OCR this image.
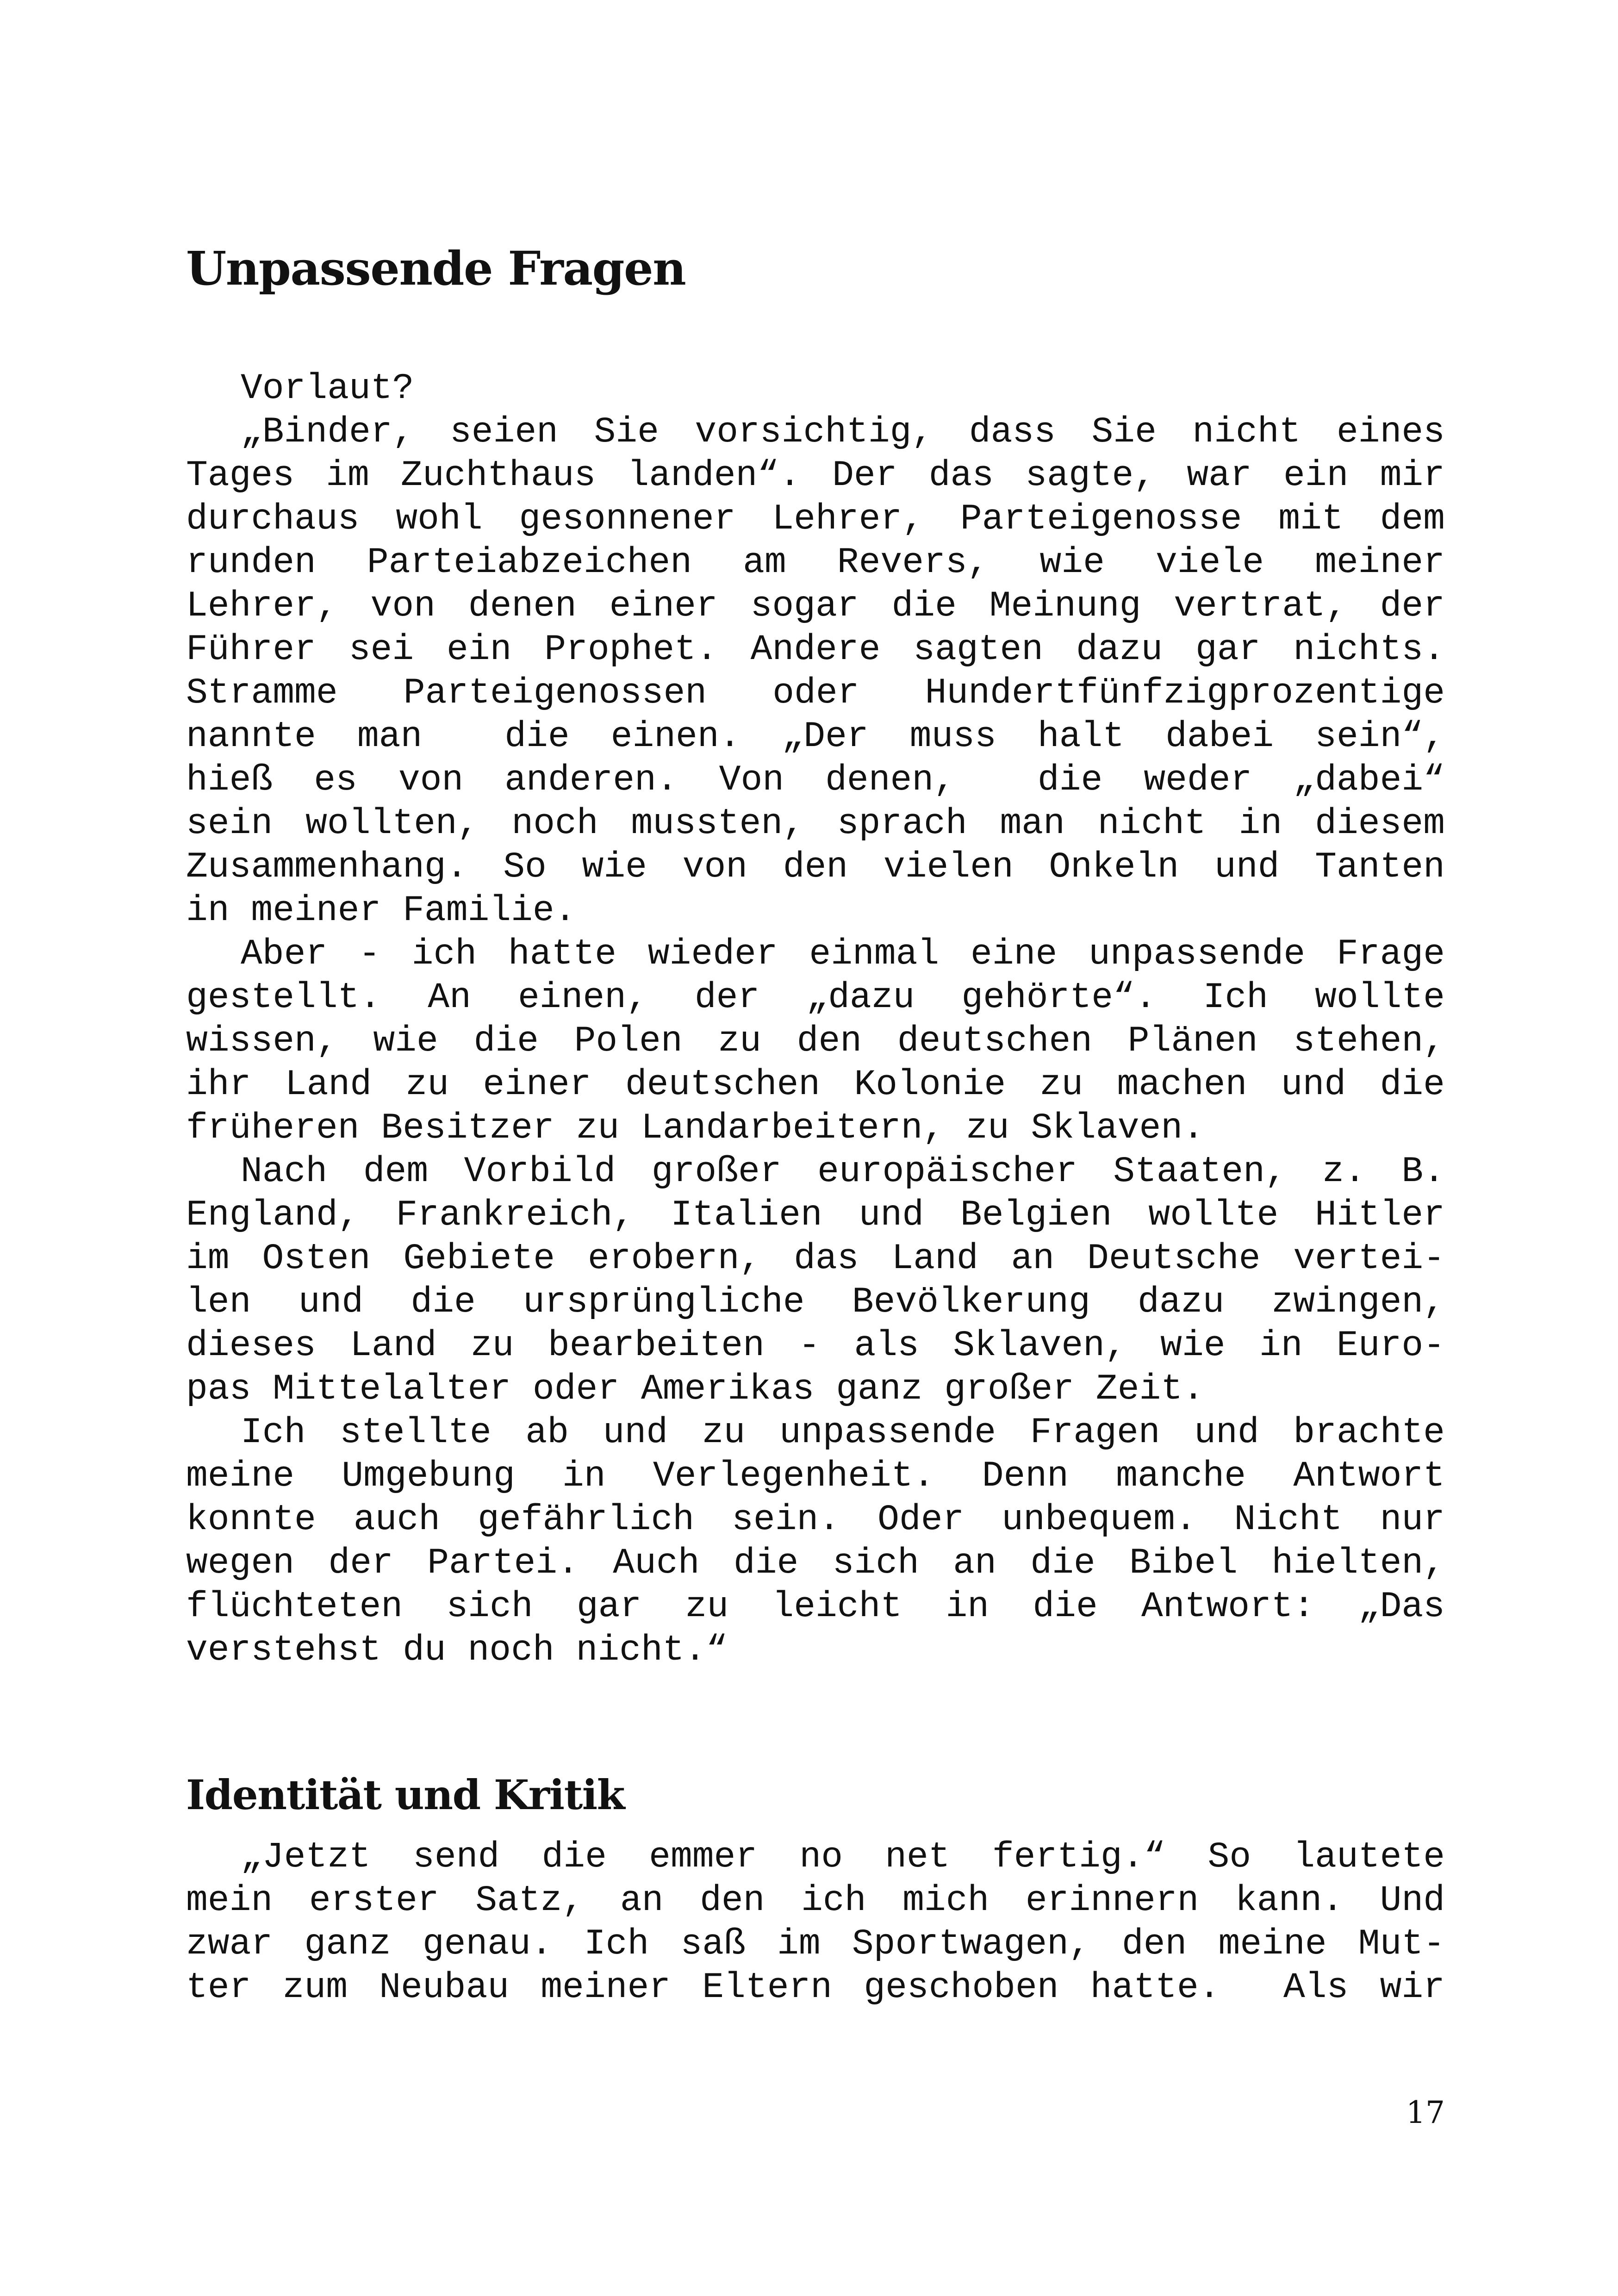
Unpassende Fragen
Vorlaut?
„Binder, seien Sie vorsichtig, dass Sie nicht eines
Tages im Zuchthaus landen“. Der das sagte, war ein mir
durchaus wohl gesonnener Lehrer, Parteigenosse mit dem
runden Parteiabzeichen am Revers, wie viele meiner
Lehrer, von denen einer sogar die Meinung vertrat, der
Führer sei ein Prophet. Andere sagten dazu gar nichts.
Stramme Parteigenossen oder Hundertfünfzigprozentige
nannte man  die einen. „Der muss halt dabei sein“,
hieß es von anderen. Von denen,  die weder „dabei“
sein wollten, noch mussten, sprach man nicht in diesem
Zusammenhang. So wie von den vielen Onkeln und Tanten
in meiner Familie.
Aber - ich hatte wieder einmal eine unpassende Frage
gestellt. An einen, der „dazu gehörte“. Ich wollte
wissen, wie die Polen zu den deutschen Plänen stehen,
ihr Land zu einer deutschen Kolonie zu machen und die
früheren Besitzer zu Landarbeitern, zu Sklaven.
Nach dem Vorbild großer europäischer Staaten, z. B.
England, Frankreich, Italien und Belgien wollte Hitler
im Osten Gebiete erobern, das Land an Deutsche vertei-
len und die ursprüngliche Bevölkerung dazu zwingen,
dieses Land zu bearbeiten - als Sklaven, wie in Euro-
pas Mittelalter oder Amerikas ganz großer Zeit.
Ich stellte ab und zu unpassende Fragen und brachte
meine Umgebung in Verlegenheit. Denn manche Antwort
konnte auch gefährlich sein. Oder unbequem. Nicht nur
wegen der Partei. Auch die sich an die Bibel hielten,
flüchteten sich gar zu leicht in die Antwort: „Das
verstehst du noch nicht.“
Identität und Kritik
„Jetzt send die emmer no net fertig.“ So lautete
mein erster Satz, an den ich mich erinnern kann. Und
zwar ganz genau. Ich saß im Sportwagen, den meine Mut-
ter zum Neubau meiner Eltern geschoben hatte.  Als wir
17
